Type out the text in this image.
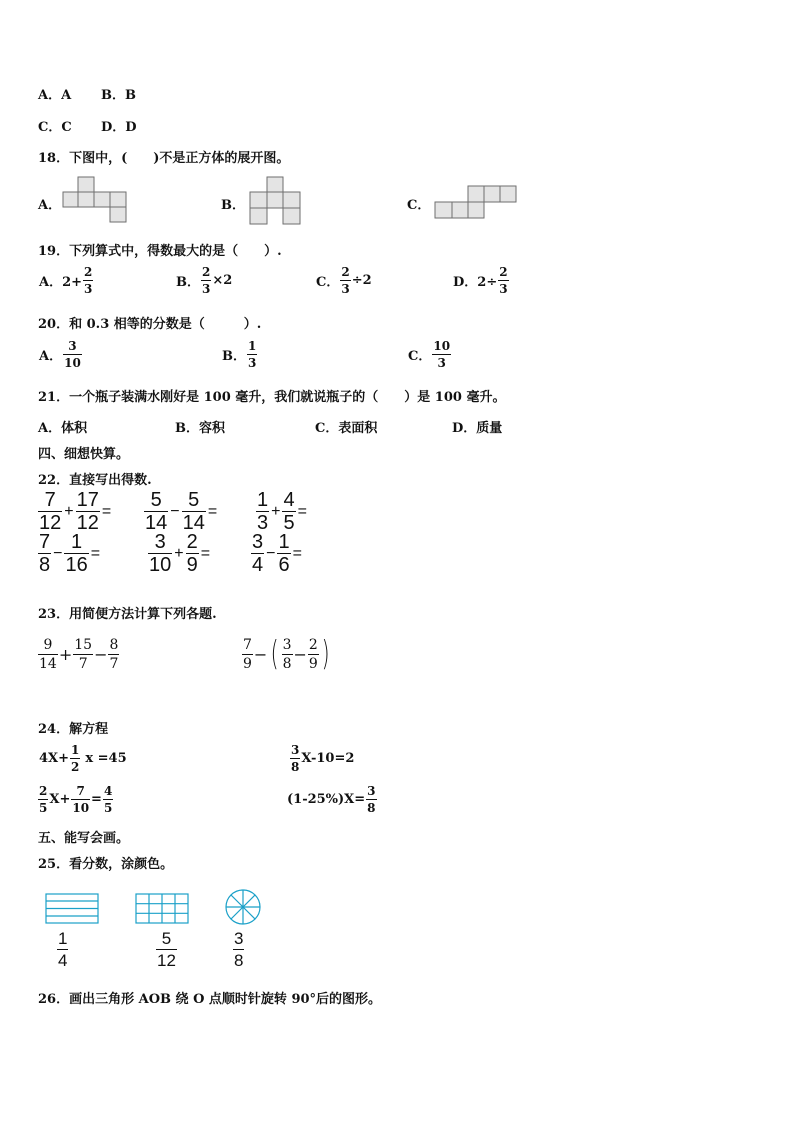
A．A B．B
C．C D．D
18．下图中，(　　)不是正方体的展开图。
A．	B．	C．
19．下列算式中，得数最大的是（　　）.
A．$2+ \frac{2}{3}$	B． $\frac{2}{3} \times 2$	C． $\frac{2}{3} \div 2$	D．$2\div \frac{2}{3}$
20．和 0.3 相等的分数是（　　　）.
A． $\frac{3}{10}$	B． $\frac{1}{3}$	C． $\frac{10}{3}$
21．一个瓶子装满水刚好是 100 毫升，我们就说瓶子的（　　）是 100 毫升。
A．体积	B．容积	C．表面积	D．质量
四、细想快算。
22．直接写出得数.
$\frac{7}{12} + \frac{17}{12} = \frac{5}{14} - \frac{5}{14} = \frac{1}{3} + \frac{4}{5}$ =
$\frac{7}{8} - \frac{1}{16} = \frac{3}{10} + \frac{2}{9} = \frac{3}{4} - \frac{1}{6}$ =
23．用简便方法计算下列各题.
$\frac{9}{14} + \frac{15}{7} - \frac{8}{7}$	$\frac{7}{9}$ − ( $\frac{3}{8} - \frac{2}{9}$ )
24．解方程
$4X+ \frac{1}{2}$ x =45	$\frac{3}{8} X-10=2$
$\frac{2}{5} X+ \frac{7}{10} = \frac{4}{5}$	$(1-25\%)X= \frac{3}{8}$
五、能写会画。
25．看分数，涂颜色。
$\frac{1}{4}$	$\frac{5}{12}$	$\frac{3}{8}$
26．画出三角形 AOB 绕 O 点顺时针旋转 90°后的图形。
